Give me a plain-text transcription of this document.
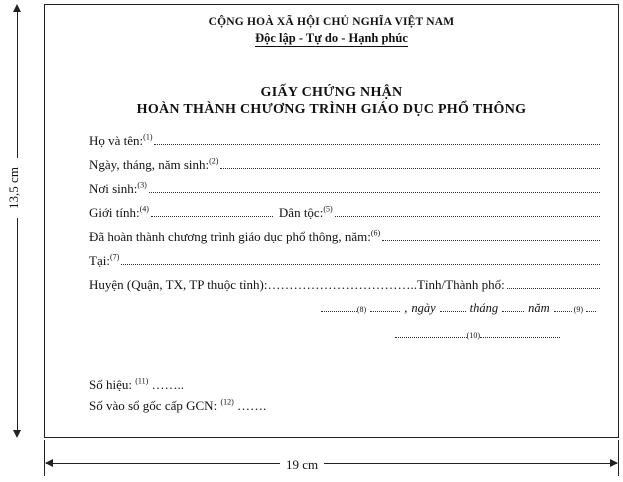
13,5 cm
19 cm
CỘNG HOÀ XÃ HỘI CHỦ NGHĨA VIỆT NAM
Độc lập - Tự do - Hạnh phúc
GIẤY CHỨNG NHẬN
HOÀN THÀNH CHƯƠNG TRÌNH GIÁO DỤC PHỔ THÔNG
Họ và tên:$^{(1)}$
Ngày, tháng, năm sinh:$^{(2)}$
Nơi sinh:$^{(3)}$
Giới tính:$^{(4)}$	Dân tộc:$^{(5)}$
Đã hoàn thành chương trình giáo dục phổ thông, năm:$^{(6)}$
Tại:$^{(7)}$
Huyện (Quận, TX, TP thuộc tỉnh):……………………………..Tỉnh/Thành phố:
(8)	, ngày	tháng năm	(9)
(10)
Số hiệu: $^{(11)}$ ……..
Số vào sổ gốc cấp GCN: $^{(12)}$ …….
